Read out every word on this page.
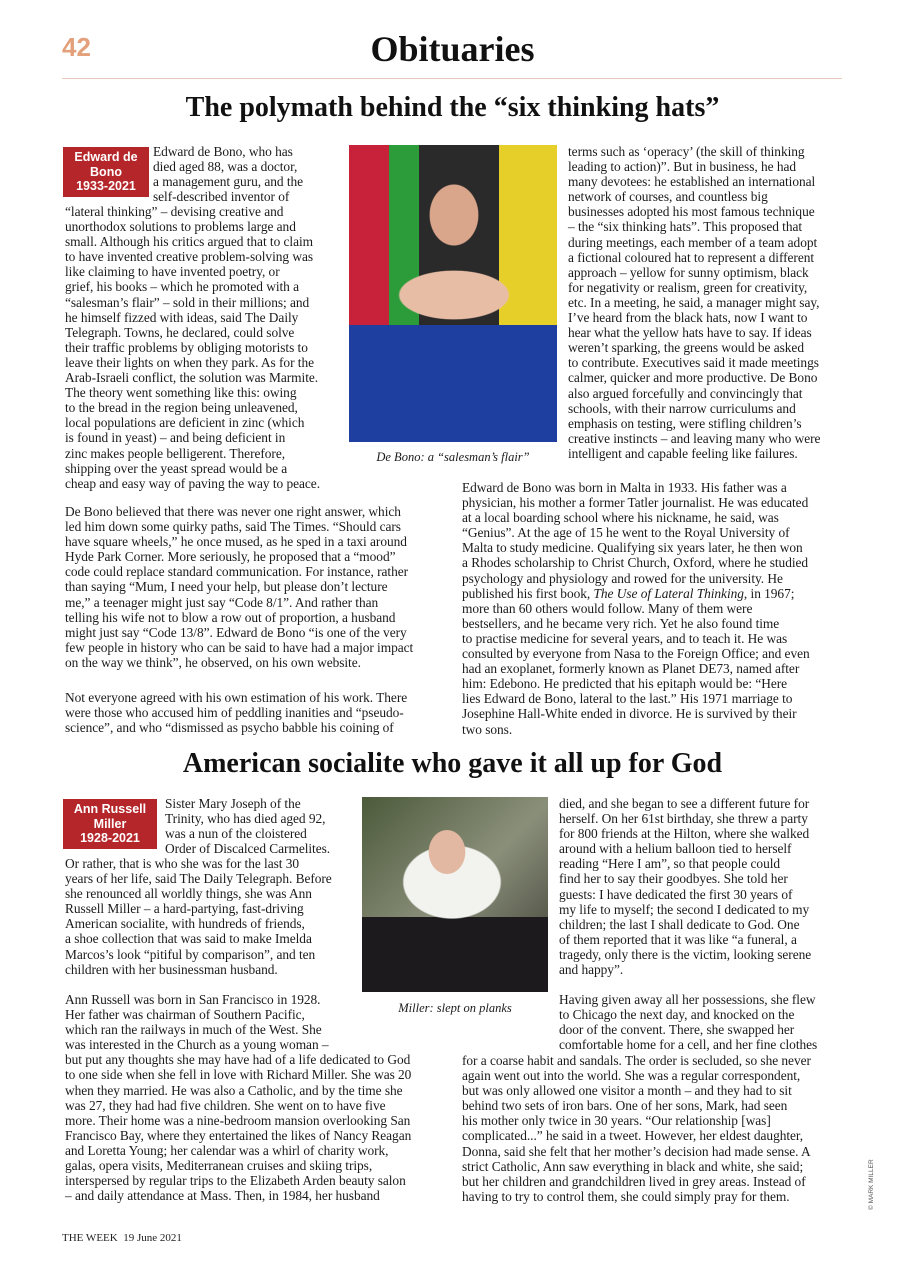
42	Obituaries
The polymath behind the “six thinking hats”
Edward de
Bono
1933-2021
Edward de Bono, who has
died aged 88, was a doctor,
a management guru, and the
self-described inventor of
“lateral thinking” – devising creative and
unorthodox solutions to problems large and
small. Although his critics argued that to claim
to have invented creative problem-solving was
like claiming to have invented poetry, or
grief, his books – which he promoted with a
“salesman’s flair” – sold in their millions; and
he himself fizzed with ideas, said The Daily
Telegraph. Towns, he declared, could solve
their traffic problems by obliging motorists to
leave their lights on when they park. As for the
Arab-Israeli conflict, the solution was Marmite.
The theory went something like this: owing
to the bread in the region being unleavened,
local populations are deficient in zinc (which
is found in yeast) – and being deficient in
zinc makes people belligerent. Therefore,
shipping over the yeast spread would be a
cheap and easy way of paving the way to peace.
De Bono: a “salesman’s flair”
terms such as ‘operacy’ (the skill of thinking
leading to action)”. But in business, he had
many devotees: he established an international
network of courses, and countless big
businesses adopted his most famous technique
– the “six thinking hats”. This proposed that
during meetings, each member of a team adopt
a fictional coloured hat to represent a different
approach – yellow for sunny optimism, black
for negativity or realism, green for creativity,
etc. In a meeting, he said, a manager might say,
I’ve heard from the black hats, now I want to
hear what the yellow hats have to say. If ideas
weren’t sparking, the greens would be asked
to contribute. Executives said it made meetings
calmer, quicker and more productive. De Bono
also argued forcefully and convincingly that
schools, with their narrow curriculums and
emphasis on testing, were stifling children’s
creative instincts – and leaving many who were
intelligent and capable feeling like failures.
De Bono believed that there was never one right answer, which
led him down some quirky paths, said The Times. “Should cars
have square wheels,” he once mused, as he sped in a taxi around
Hyde Park Corner. More seriously, he proposed that a “mood”
code could replace standard communication. For instance, rather
than saying “Mum, I need your help, but please don’t lecture
me,” a teenager might just say “Code 8/1”. And rather than
telling his wife not to blow a row out of proportion, a husband
might just say “Code 13/8”. Edward de Bono “is one of the very
few people in history who can be said to have had a major impact
on the way we think”, he observed, on his own website.
Not everyone agreed with his own estimation of his work. There
were those who accused him of peddling inanities and “pseudo-
science”, and who “dismissed as psycho babble his coining of
Edward de Bono was born in Malta in 1933. His father was a
physician, his mother a former Tatler journalist. He was educated
at a local boarding school where his nickname, he said, was
“Genius”. At the age of 15 he went to the Royal University of
Malta to study medicine. Qualifying six years later, he then won
a Rhodes scholarship to Christ Church, Oxford, where he studied
psychology and physiology and rowed for the university. He
published his first book, The Use of Lateral Thinking, in 1967;
more than 60 others would follow. Many of them were
bestsellers, and he became very rich. Yet he also found time
to practise medicine for several years, and to teach it. He was
consulted by everyone from Nasa to the Foreign Office; and even
had an exoplanet, formerly known as Planet DE73, named after
him: Edebono. He predicted that his epitaph would be: “Here
lies Edward de Bono, lateral to the last.” His 1971 marriage to
Josephine Hall-White ended in divorce. He is survived by their
two sons.
American socialite who gave it all up for God
Ann Russell
Miller
1928-2021
Sister Mary Joseph of the
Trinity, who has died aged 92,
was a nun of the cloistered
Order of Discalced Carmelites.
Or rather, that is who she was for the last 30
years of her life, said The Daily Telegraph. Before
she renounced all worldly things, she was Ann
Russell Miller – a hard-partying, fast-driving
American socialite, with hundreds of friends,
a shoe collection that was said to make Imelda
Marcos’s look “pitiful by comparison”, and ten
children with her businessman husband.
Miller: slept on planks
Ann Russell was born in San Francisco in 1928.
Her father was chairman of Southern Pacific,
which ran the railways in much of the West. She
was interested in the Church as a young woman –
but put any thoughts she may have had of a life dedicated to God
to one side when she fell in love with Richard Miller. She was 20
when they married. He was also a Catholic, and by the time she
was 27, they had had five children. She went on to have five
more. Their home was a nine-bedroom mansion overlooking San
Francisco Bay, where they entertained the likes of Nancy Reagan
and Loretta Young; her calendar was a whirl of charity work,
galas, opera visits, Mediterranean cruises and skiing trips,
interspersed by regular trips to the Elizabeth Arden beauty salon
– and daily attendance at Mass. Then, in 1984, her husband
died, and she began to see a different future for
herself. On her 61st birthday, she threw a party
for 800 friends at the Hilton, where she walked
around with a helium balloon tied to herself
reading “Here I am”, so that people could
find her to say their goodbyes. She told her
guests: I have dedicated the first 30 years of
my life to myself; the second I dedicated to my
children; the last I shall dedicate to God. One
of them reported that it was like “a funeral, a
tragedy, only there is the victim, looking serene
and happy”.
Having given away all her possessions, she flew
to Chicago the next day, and knocked on the
door of the convent. There, she swapped her
comfortable home for a cell, and her fine clothes
for a coarse habit and sandals. The order is secluded, so she never
again went out into the world. She was a regular correspondent,
but was only allowed one visitor a month – and they had to sit
behind two sets of iron bars. One of her sons, Mark, had seen
his mother only twice in 30 years. “Our relationship [was]
complicated...” he said in a tweet. However, her eldest daughter,
Donna, said she felt that her mother’s decision had made sense. A
strict Catholic, Ann saw everything in black and white, she said;
but her children and grandchildren lived in grey areas. Instead of
having to try to control them, she could simply pray for them.	© MARK MILLER
THE WEEK  19 June 2021
